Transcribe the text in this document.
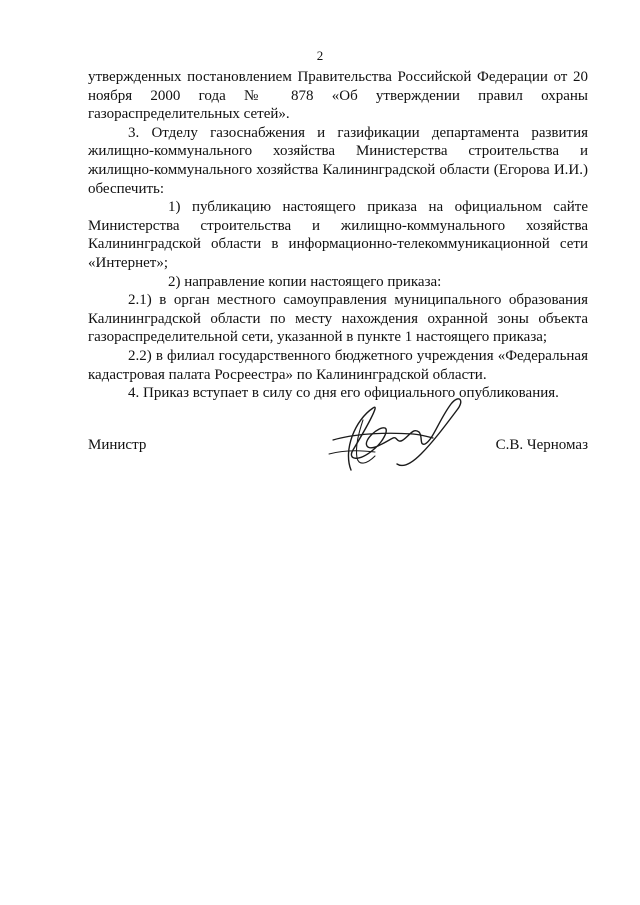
2

утвержденных постановлением Правительства Российской Федерации от 20 ноября 2000 года № 878 «Об утверждении правил охраны газораспределительных сетей».

3. Отделу газоснабжения и газификации департамента развития жилищно-коммунального хозяйства Министерства строительства и жилищно-коммунального хозяйства Калининградской области (Егорова И.И.) обеспечить:

1) публикацию настоящего приказа на официальном сайте Министерства строительства и жилищно-коммунального хозяйства Калининградской области в информационно-телекоммуникационной сети «Интернет»;

2) направление копии настоящего приказа:

2.1) в орган местного самоуправления муниципального образования Калининградской области по месту нахождения охранной зоны объекта газораспределительной сети, указанной в пункте 1 настоящего приказа;

2.2) в филиал государственного бюджетного учреждения «Федеральная кадастровая палата Росреестра» по Калининградской области.

4. Приказ вступает в силу со дня его официального опубликования.

Министр	С.В. Черномаз
